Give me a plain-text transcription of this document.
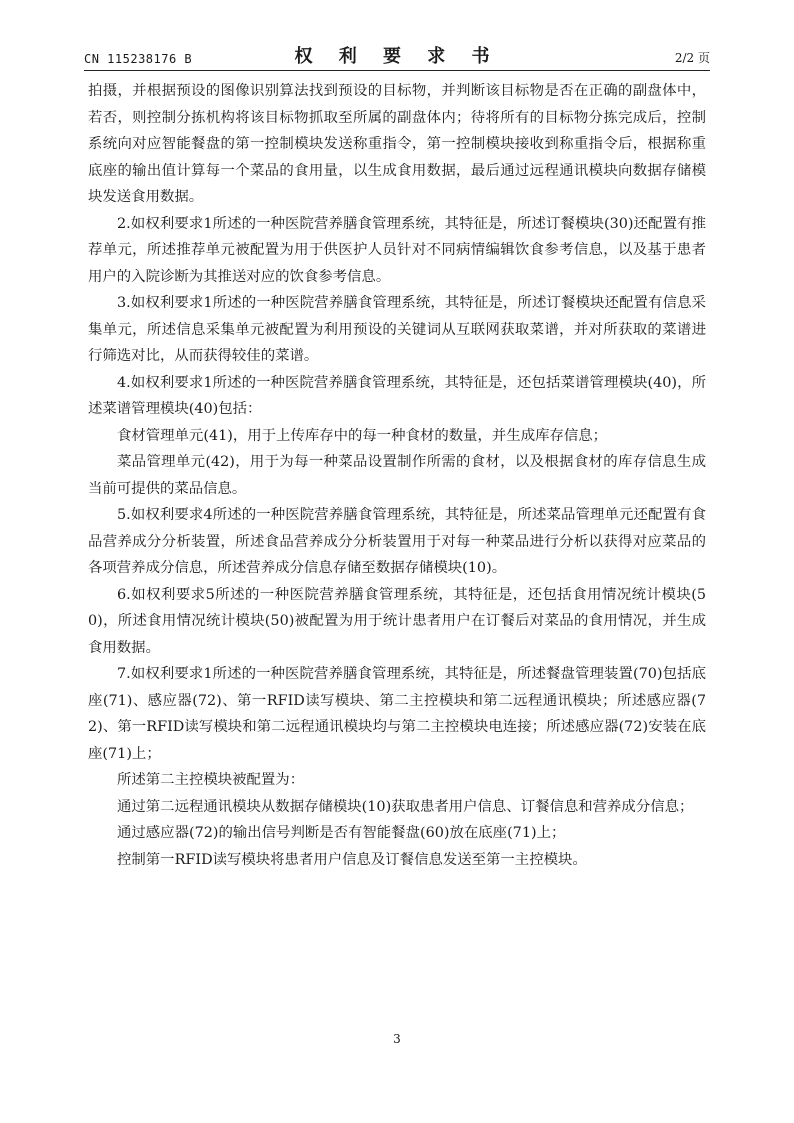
CN 115238176 B	权 利 要 求 书	2/2 页

拍摄，并根据预设的图像识别算法找到预设的目标物，并判断该目标物是否在正确的副盘体中，若否，则控制分拣机构将该目标物抓取至所属的副盘体内；待将所有的目标物分拣完成后，控制系统向对应智能餐盘的第一控制模块发送称重指令，第一控制模块接收到称重指令后，根据称重底座的输出值计算每一个菜品的食用量，以生成食用数据，最后通过远程通讯模块向数据存储模块发送食用数据。

2.如权利要求1所述的一种医院营养膳食管理系统，其特征是，所述订餐模块(30)还配置有推荐单元，所述推荐单元被配置为用于供医护人员针对不同病情编辑饮食参考信息，以及基于患者用户的入院诊断为其推送对应的饮食参考信息。

3.如权利要求1所述的一种医院营养膳食管理系统，其特征是，所述订餐模块还配置有信息采集单元，所述信息采集单元被配置为利用预设的关键词从互联网获取菜谱，并对所获取的菜谱进行筛选对比，从而获得较佳的菜谱。

4.如权利要求1所述的一种医院营养膳食管理系统，其特征是，还包括菜谱管理模块(40)，所述菜谱管理模块(40)包括：

食材管理单元(41)，用于上传库存中的每一种食材的数量，并生成库存信息；

菜品管理单元(42)，用于为每一种菜品设置制作所需的食材，以及根据食材的库存信息生成当前可提供的菜品信息。

5.如权利要求4所述的一种医院营养膳食管理系统，其特征是，所述菜品管理单元还配置有食品营养成分分析装置，所述食品营养成分分析装置用于对每一种菜品进行分析以获得对应菜品的各项营养成分信息，所述营养成分信息存储至数据存储模块(10)。

6.如权利要求5所述的一种医院营养膳食管理系统，其特征是，还包括食用情况统计模块(50)，所述食用情况统计模块(50)被配置为用于统计患者用户在订餐后对菜品的食用情况，并生成食用数据。

7.如权利要求1所述的一种医院营养膳食管理系统，其特征是，所述餐盘管理装置(70)包括底座(71)、感应器(72)、第一RFID读写模块、第二主控模块和第二远程通讯模块；所述感应器(72)、第一RFID读写模块和第二远程通讯模块均与第二主控模块电连接；所述感应器(72)安装在底座(71)上；

所述第二主控模块被配置为：

通过第二远程通讯模块从数据存储模块(10)获取患者用户信息、订餐信息和营养成分信息；

通过感应器(72)的输出信号判断是否有智能餐盘(60)放在底座(71)上；

控制第一RFID读写模块将患者用户信息及订餐信息发送至第一主控模块。

3
